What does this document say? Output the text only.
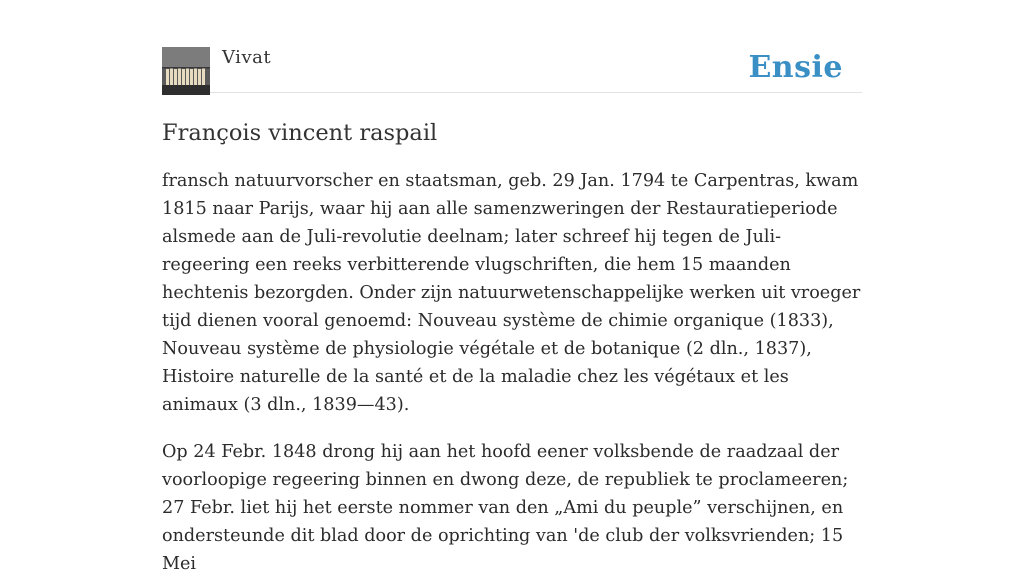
Vivat	Ensie
François vincent raspail

fransch natuurvorscher en staatsman, geb. 29 Jan. 1794 te Carpentras, kwam 1815 naar Parijs, waar hij aan alle samenzweringen der Restauratieperiode alsmede aan de Juli-revolutie deelnam; later schreef hij tegen de Juli-regeering een reeks verbitterende vlugschriften, die hem 15 maanden hechtenis bezorgden. Onder zijn natuurwetenschappelijke werken uit vroeger tijd dienen vooral genoemd: Nouveau système de chimie organique (1833), Nouveau système de physiologie végétale et de botanique (2 dln., 1837), Histoire naturelle de la santé et de la maladie chez les végétaux et les animaux (3 dln., 1839—43).

Op 24 Febr. 1848 drong hij aan het hoofd eener volksbende de raadzaal der voorloopige regeering binnen en dwong deze, de republiek te proclameeren; 27 Febr. liet hij het eerste nommer van den „Ami du peuple” verschijnen, en ondersteunde dit blad door de oprichting van 'de club der volksvrienden; 15 Mei
